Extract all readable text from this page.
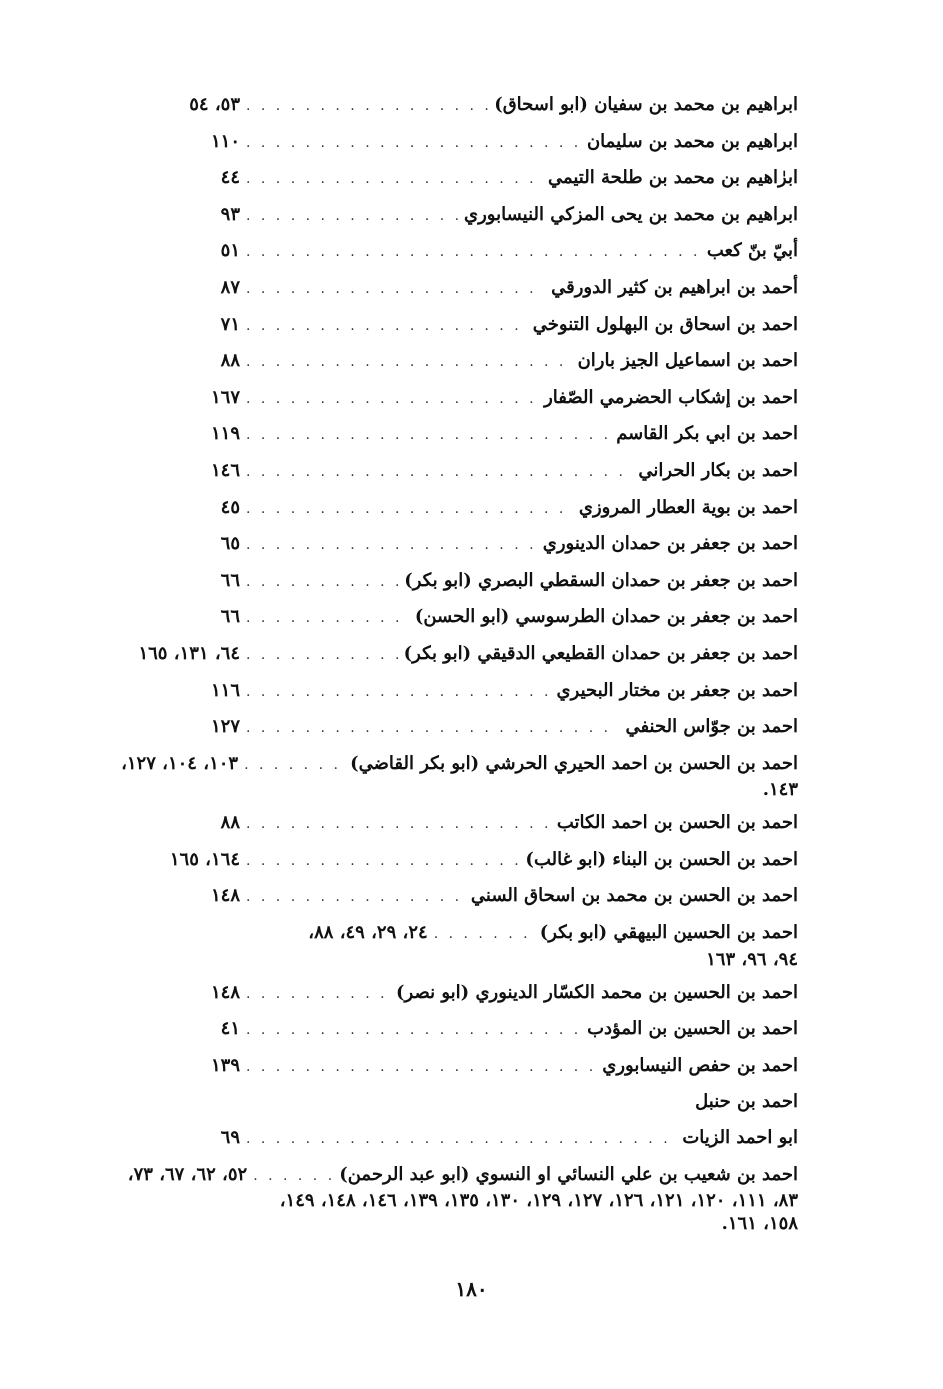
ابراهيم بن محمد بن سفيان (ابو اسحاق)
. . .
٥٣، ٥٤
ابراهيم بن محمد بن سليمان
. . .
١١٠
ابرٰاهيم بن محمد بن طلحة التيمي
. . .
٤٤
ابراهيم بن محمد بن يحى المزكي النيسابوري
. . .
٩٣
أبيّ بنّ كعب
. . .
٥١
أحمد بن ابراهيم بن كثير الدورقي
. . .
٨٧
احمد بن اسحاق بن البهلول التنوخي
. . .
٧١
احمد بن اسماعيل الجيز باران
. . .
٨٨
احمد بن إشكاب الحضرمي الصّفار
. . .
١٦٧
احمد بن ابي بكر القاسم
. . .
١١٩
احمد بن بكار الحراني
. . .
١٤٦
احمد بن بوية العطار المروزي
. . .
٤٥
احمد بن جعفر بن حمدان الدينوري
. . .
٦٥
احمد بن جعفر بن حمدان السقطي البصري (ابو بكر)
. . .
٦٦
احمد بن جعفر بن حمدان الطرسوسي (ابو الحسن)
. . .
٦٦
احمد بن جعفر بن حمدان القطيعي الدقيقي (ابو بكر)
. . .
٦٤، ١٣١، ١٦٥
احمد بن جعفر بن مختار البحيري
. . .
١١٦
احمد بن جوّاس الحنفي
. . .
١٢٧
احمد بن الحسن بن احمد الحيري الحرشي (ابو بكر القاضي)
. . .
١٠٣، ١٠٤، ١٢٧،
١٤٣.
احمد بن الحسن بن احمد الكاتب
. . .
٨٨
احمد بن الحسن بن البناء (ابو غالب)
. . .
١٦٤، ١٦٥
احمد بن الحسن بن محمد بن اسحاق السني
. . .
١٤٨
احمد بن الحسين البيهقي (ابو بكر)
. . .
٢٤، ٢٩، ٤٩، ٨٨،
٩٤، ٩٦، ١٦٣
احمد بن الحسين بن محمد الكسّار الدينوري (ابو نصر)
. . .
١٤٨
احمد بن الحسين بن المؤدب
. . .
٤١
احمد بن حفص النيسابوري
. . .
١٣٩
احمد بن حنبل
ابو احمد الزيات
. . .
٦٩
احمد بن شعيب بن علي النسائي او النسوي (ابو عبد الرحمن)
. . .
٥٢، ٦٢، ٦٧، ٧٣،
٨٣، ١١١، ١٢٠، ١٢١، ١٢٦، ١٢٧، ١٢٩، ١٣٠، ١٣٥، ١٣٩، ١٤٦، ١٤٨، ١٤٩،
١٥٨، ١٦١.
١٨٠
